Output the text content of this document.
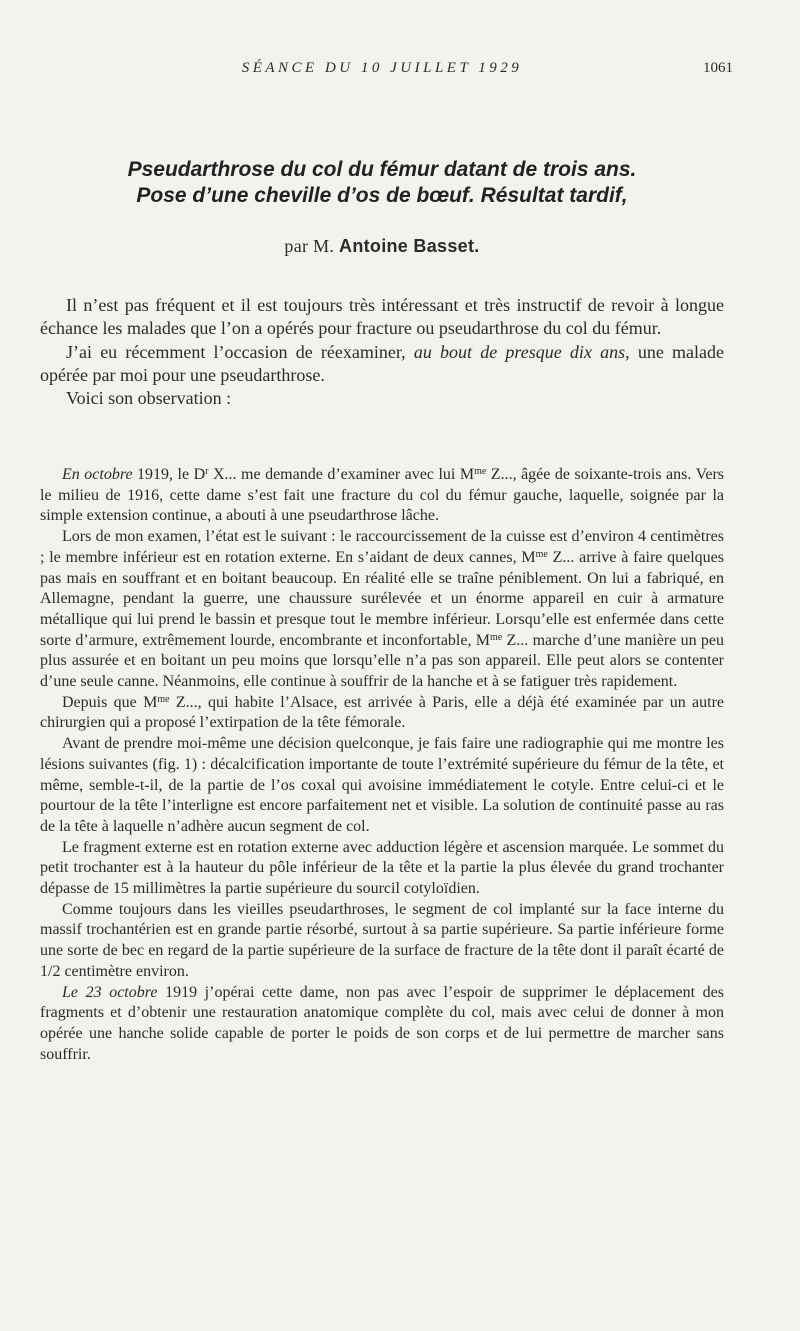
SÉANCE DU 10 JUILLET 1929	1061
Pseudarthrose du col du fémur datant de trois ans.
Pose d’une cheville d’os de bœuf. Résultat tardif,
par M. Antoine Basset.

Il n’est pas fréquent et il est toujours très intéressant et très instructif de revoir à longue échance les malades que l’on a opérés pour fracture ou pseudarthrose du col du fémur.

J’ai eu récemment l’occasion de réexaminer, au bout de presque dix ans, une malade opérée par moi pour une pseudarthrose.

Voici son observation :

En octobre 1919, le $D^r$ X... me demande d’examiner avec lui $M^{me}$ Z..., âgée de soixante-trois ans. Vers le milieu de 1916, cette dame s’est fait une fracture du col du fémur gauche, laquelle, soignée par la simple extension continue, a abouti à une pseudarthrose lâche.

Lors de mon examen, l’état est le suivant : le raccourcissement de la cuisse est d’environ 4 centimètres ; le membre inférieur est en rotation externe. En s’aidant de deux cannes, $M^{me}$ Z... arrive à faire quelques pas mais en souffrant et en boitant beaucoup. En réalité elle se traîne péniblement. On lui a fabriqué, en Allemagne, pendant la guerre, une chaussure surélevée et un énorme appareil en cuir à armature métallique qui lui prend le bassin et presque tout le membre inférieur. Lorsqu’elle est enfermée dans cette sorte d’armure, extrêmement lourde, encombrante et inconfortable, $M^{me}$ Z... marche d’une manière un peu plus assurée et en boitant un peu moins que lorsqu’elle n’a pas son appareil. Elle peut alors se contenter d’une seule canne. Néanmoins, elle continue à souffrir de la hanche et à se fatiguer très rapidement.

Depuis que $M^{me}$ Z..., qui habite l’Alsace, est arrivée à Paris, elle a déjà été examinée par un autre chirurgien qui a proposé l’extirpation de la tête fémorale.

Avant de prendre moi-même une décision quelconque, je fais faire une radiographie qui me montre les lésions suivantes (fig. 1) : décalcification importante de toute l’extrémité supérieure du fémur de la tête, et même, semble-t-il, de la partie de l’os coxal qui avoisine immédiatement le cotyle. Entre celui-ci et le pourtour de la tête l’interligne est encore parfaitement net et visible. La solution de continuité passe au ras de la tête à laquelle n’adhère aucun segment de col.

Le fragment externe est en rotation externe avec adduction légère et ascension marquée. Le sommet du petit trochanter est à la hauteur du pôle inférieur de la tête et la partie la plus élevée du grand trochanter dépasse de 15 millimètres la partie supérieure du sourcil cotyloïdien.

Comme toujours dans les vieilles pseudarthroses, le segment de col implanté sur la face interne du massif trochantérien est en grande partie résorbé, surtout à sa partie supérieure. Sa partie inférieure forme une sorte de bec en regard de la partie supérieure de la surface de fracture de la tête dont il paraît écarté de 1/2 centimètre environ.

Le 23 octobre 1919 j’opérai cette dame, non pas avec l’espoir de supprimer le déplacement des fragments et d’obtenir une restauration anatomique complète du col, mais avec celui de donner à mon opérée une hanche solide capable de porter le poids de son corps et de lui permettre de marcher sans souffrir.
